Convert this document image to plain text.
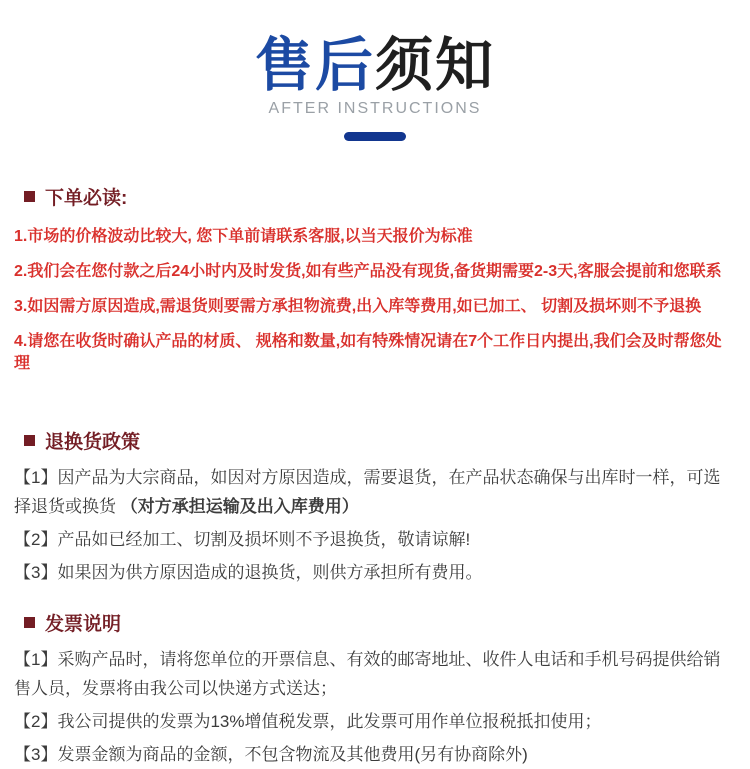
售后须知
AFTER INSTRUCTIONS
下单必读:

1.市场的价格波动比较大, 您下单前请联系客服,以当天报价为标准

2.我们会在您付款之后24小时内及时发货,如有些产品没有现货,备货期需要2-3天,客服会提前和您联系

3.如因需方原因造成,需退货则要需方承担物流费,出入库等费用,如已加工、 切割及损坏则不予退换

4.请您在收货时确认产品的材质、 规格和数量,如有特殊情况请在7个工作日内提出,我们会及时帮您处理

退换货政策

【1】因产品为大宗商品，如因对方原因造成，需要退货，在产品状态确保与出库时一样，可选择退货或换货 （对方承担运输及出入库费用）

【2】产品如已经加工、切割及损坏则不予退换货，敬请谅解!

【3】如果因为供方原因造成的退换货，则供方承担所有费用。

发票说明

【1】采购产品时，请将您单位的开票信息、有效的邮寄地址、收件人电话和手机号码提供给销售人员，发票将由我公司以快递方式送达；

【2】我公司提供的发票为13%增值税发票，此发票可用作单位报税抵扣使用；

【3】发票金额为商品的金额，不包含物流及其他费用(另有协商除外)
